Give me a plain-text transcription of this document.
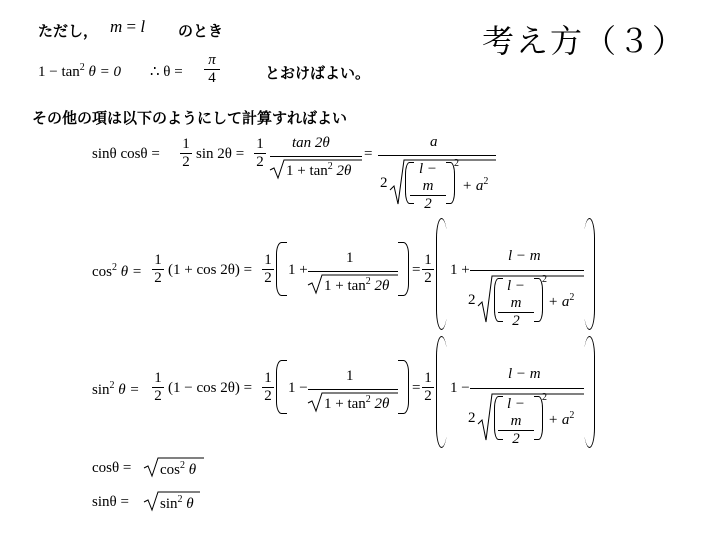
考え方（３）
ただし， m = l のとき
$1 - \tan^2 \theta = 0$ ∴ θ =
π
4	とおけばよい。
その他の項は以下のようにして計算すればよい
sinθ cosθ =
1
2 sin 2θ =
1
2
tan 2θ
$1 + \tan^2 2\theta$
=
a
2
l − m
2
2
+ $a^2$
$\cos^2 \theta$ =
1
2 (1 + cos 2θ) =
1
2 1 +
1
$1 + \tan^2 2\theta$
=
1
2 1 +
l − m
2
l − m
2
2
+ $a^2$
$\sin^2 \theta$ =
1
2 (1 − cos 2θ) =
1
2 1 −
1
$1 + \tan^2 2\theta$
=
1
2 1 −
l − m
2
l − m
2
2
+ $a^2$
$\cos\theta = \cos^2 \theta$
$\sin\theta = \sin^2 \theta$
